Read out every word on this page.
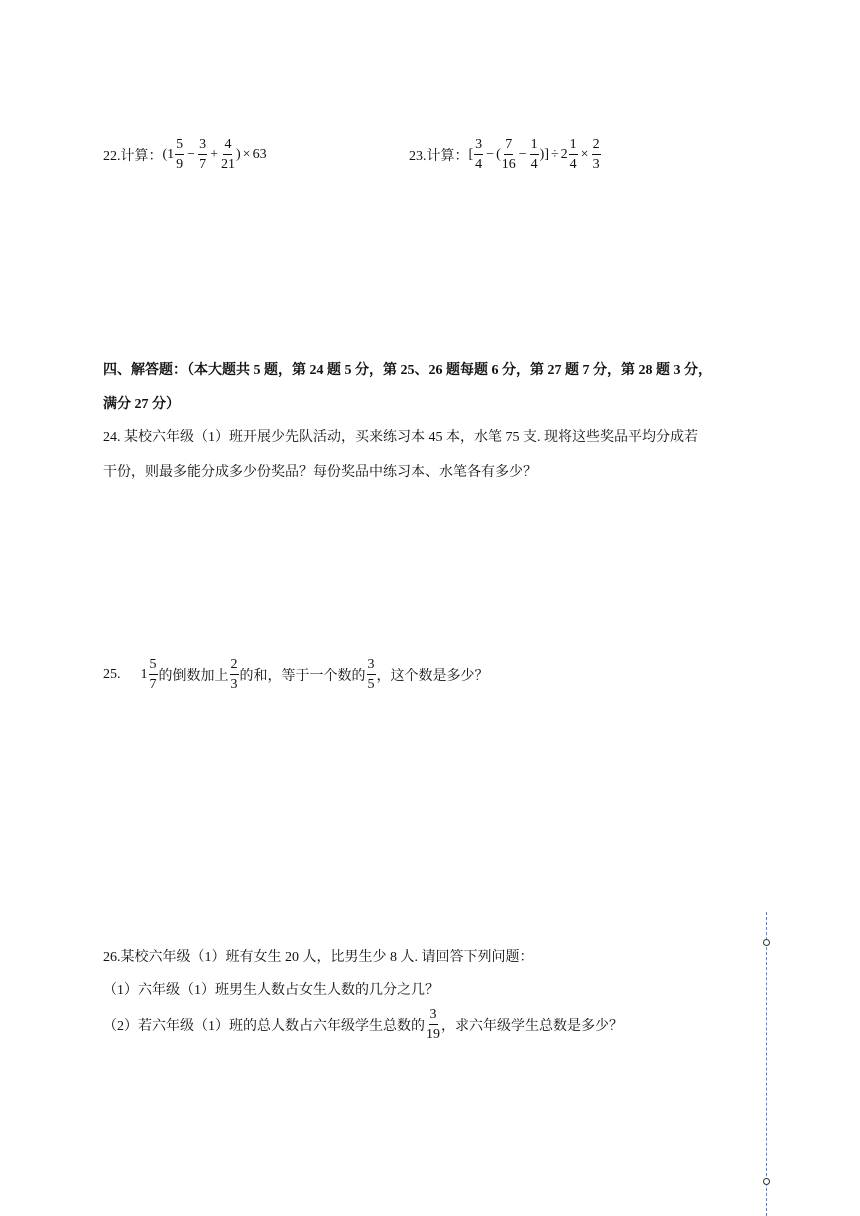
22.计算： ( $1 \frac{5}{9} - \frac{3}{7} + \frac{4}{21}$ ) × 63	23.计算： [ $\frac{3}{4}$ − ( $\frac{7}{16} - \frac{1}{4}$ )] ÷ $2 \frac{1}{4} \times \frac{2}{3}$
四、解答题：（本大题共 5 题，第 24 题 5 分，第 25、26 题每题 6 分，第 27 题 7 分，第 28 题 3 分，
满分 27 分）
24. 某校六年级（1）班开展少先队活动，买来练习本 45 本，水笔 75 支. 现将这些奖品平均分成若
干份，则最多能分成多少份奖品？每份奖品中练习本、水笔各有多少？
25. $1 \frac{5}{7}$ 的倒数加上 $\frac{2}{3}$ 的和，等于一个数的 $\frac{3}{5}$ ，这个数是多少？
26.某校六年级（1）班有女生 20 人，比男生少 8 人. 请回答下列问题：
（1）六年级（1）班男生人数占女生人数的几分之几？
（2）若六年级（1）班的总人数占六年级学生总数的 $\frac{3}{19}$ ，求六年级学生总数是多少？
